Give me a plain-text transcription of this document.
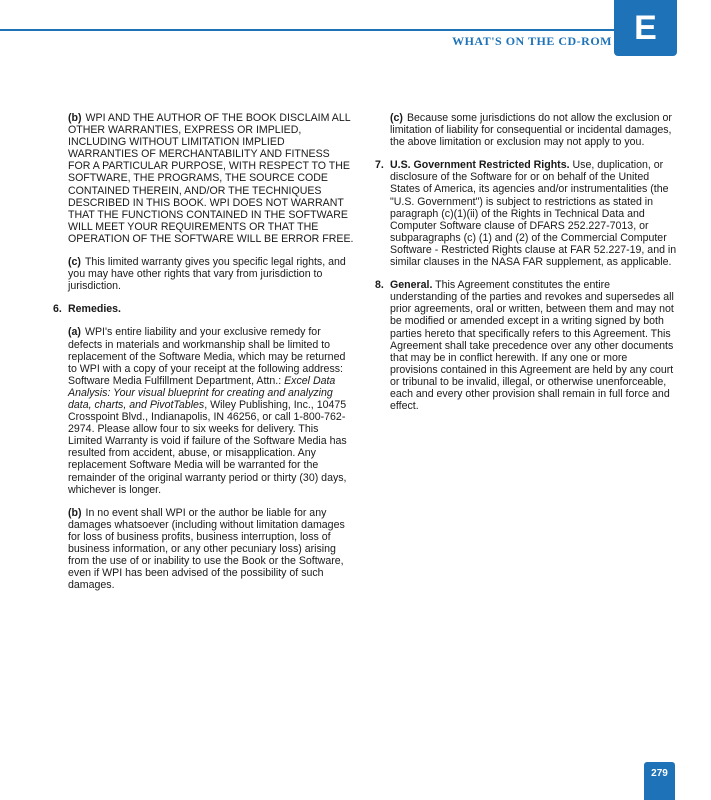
WHAT'S ON THE CD-ROM E

(b) WPI AND THE AUTHOR OF THE BOOK DISCLAIM ALL OTHER WARRANTIES, EXPRESS OR IMPLIED, INCLUDING WITHOUT LIMITATION IMPLIED WARRANTIES OF MERCHANTABILITY AND FITNESS FOR A PARTICULAR PURPOSE, WITH RESPECT TO THE SOFTWARE, THE PROGRAMS, THE SOURCE CODE CONTAINED THEREIN, AND/OR THE TECHNIQUES DESCRIBED IN THIS BOOK. WPI DOES NOT WARRANT THAT THE FUNCTIONS CONTAINED IN THE SOFTWARE WILL MEET YOUR REQUIREMENTS OR THAT THE OPERATION OF THE SOFTWARE WILL BE ERROR FREE.

(c) This limited warranty gives you specific legal rights, and you may have other rights that vary from jurisdiction to jurisdiction.

6. Remedies.

(a) WPI's entire liability and your exclusive remedy for defects in materials and workmanship shall be limited to replacement of the Software Media, which may be returned to WPI with a copy of your receipt at the following address: Software Media Fulfillment Department, Attn.: Excel Data Analysis: Your visual blueprint for creating and analyzing data, charts, and PivotTables, Wiley Publishing, Inc., 10475 Crosspoint Blvd., Indianapolis, IN 46256, or call 1-800-762-2974. Please allow four to six weeks for delivery. This Limited Warranty is void if failure of the Software Media has resulted from accident, abuse, or misapplication. Any replacement Software Media will be warranted for the remainder of the original warranty period or thirty (30) days, whichever is longer.

(b) In no event shall WPI or the author be liable for any damages whatsoever (including without limitation damages for loss of business profits, business interruption, loss of business information, or any other pecuniary loss) arising from the use of or inability to use the Book or the Software, even if WPI has been advised of the possibility of such damages.

(c) Because some jurisdictions do not allow the exclusion or limitation of liability for consequential or incidental damages, the above limitation or exclusion may not apply to you.

7. U.S. Government Restricted Rights. Use, duplication, or disclosure of the Software for or on behalf of the United States of America, its agencies and/or instrumentalities (the "U.S. Government") is subject to restrictions as stated in paragraph (c)(1)(ii) of the Rights in Technical Data and Computer Software clause of DFARS 252.227-7013, or subparagraphs (c) (1) and (2) of the Commercial Computer Software - Restricted Rights clause at FAR 52.227-19, and in similar clauses in the NASA FAR supplement, as applicable.

8. General. This Agreement constitutes the entire understanding of the parties and revokes and supersedes all prior agreements, oral or written, between them and may not be modified or amended except in a writing signed by both parties hereto that specifically refers to this Agreement. This Agreement shall take precedence over any other documents that may be in conflict herewith. If any one or more provisions contained in this Agreement are held by any court or tribunal to be invalid, illegal, or otherwise unenforceable, each and every other provision shall remain in full force and effect.

279
